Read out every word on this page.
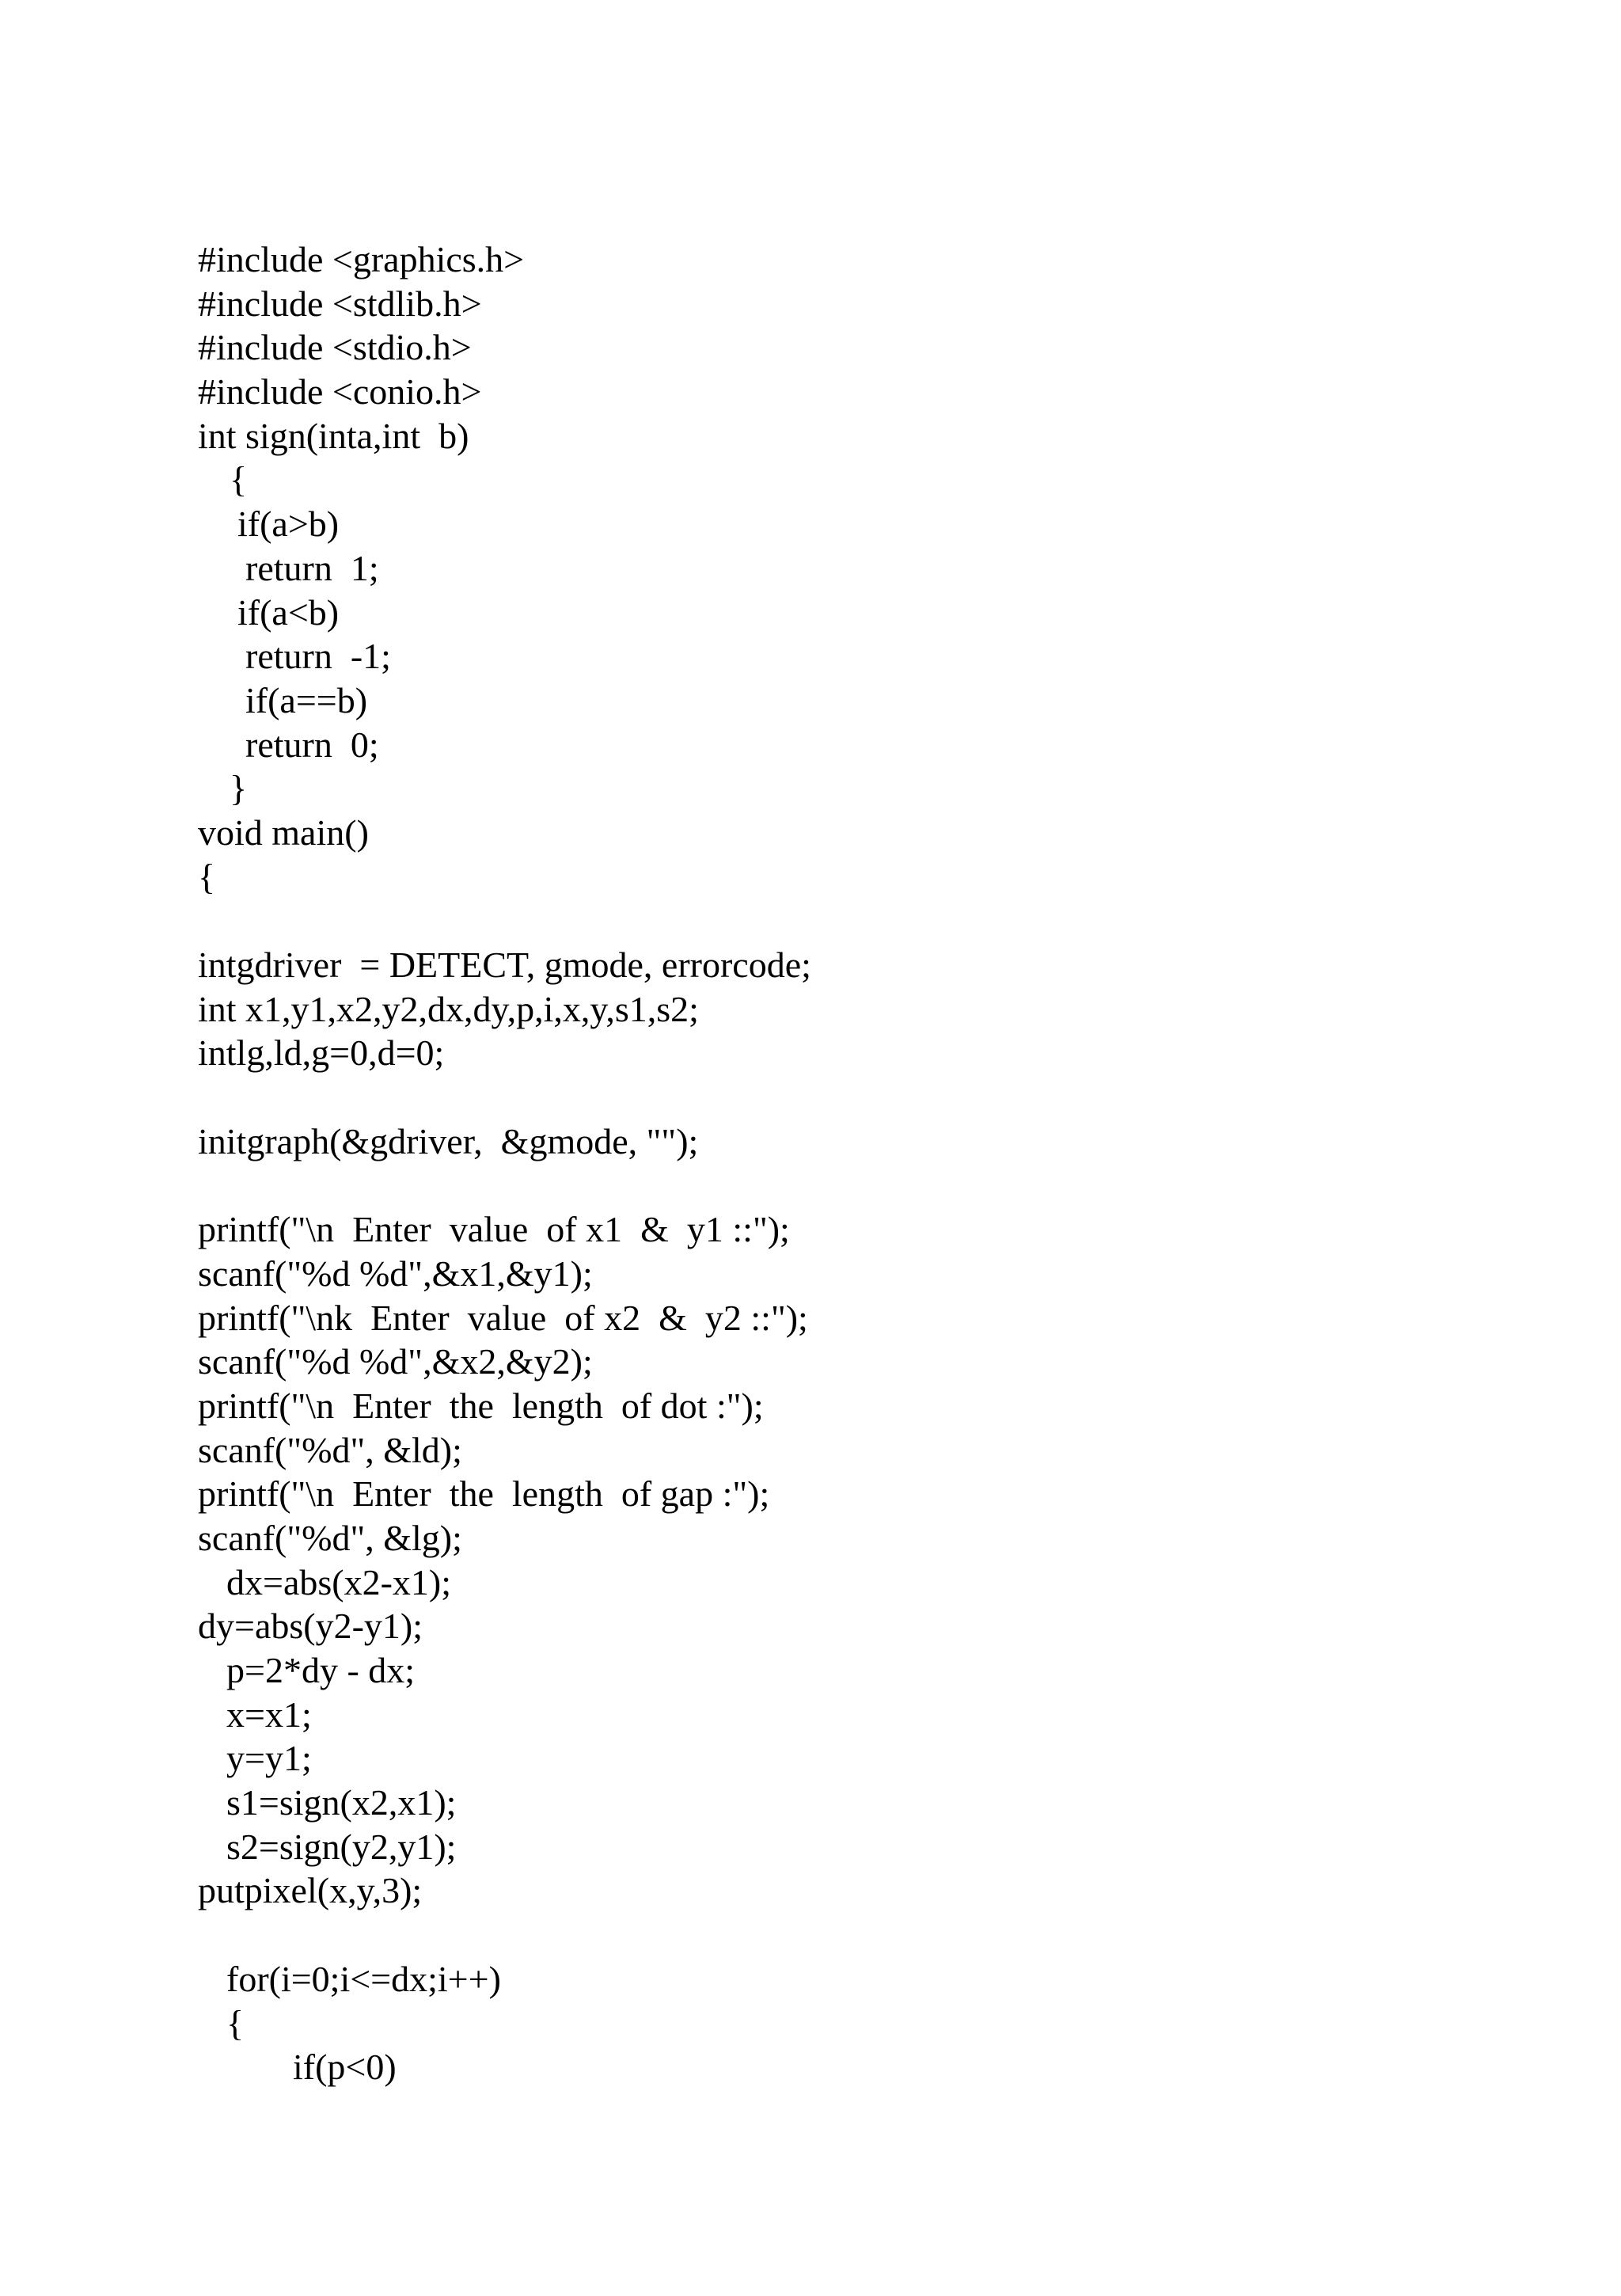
#include <graphics.h>
#include <stdlib.h>
#include <stdio.h>
#include <conio.h>
int sign(inta,int  b)
{
if(a>b)
return  1;
if(a<b)
return  -1;
if(a==b)
return  0;
}
void main()
{
intgdriver  = DETECT, gmode, errorcode;
int x1,y1,x2,y2,dx,dy,p,i,x,y,s1,s2;
intlg,ld,g=0,d=0;
initgraph(&gdriver,  &gmode, "");
printf("\n  Enter  value  of x1  &  y1 ::");
scanf("%d %d",&x1,&y1);
printf("\nk  Enter  value  of x2  &  y2 ::");
scanf("%d %d",&x2,&y2);
printf("\n  Enter  the  length  of dot :");
scanf("%d", &ld);
printf("\n  Enter  the  length  of gap :");
scanf("%d", &lg);
dx=abs(x2-x1);
dy=abs(y2-y1);
p=2*dy - dx;
x=x1;
y=y1;
s1=sign(x2,x1);
s2=sign(y2,y1);
putpixel(x,y,3);
for(i=0;i<=dx;i++)
{
if(p<0)
